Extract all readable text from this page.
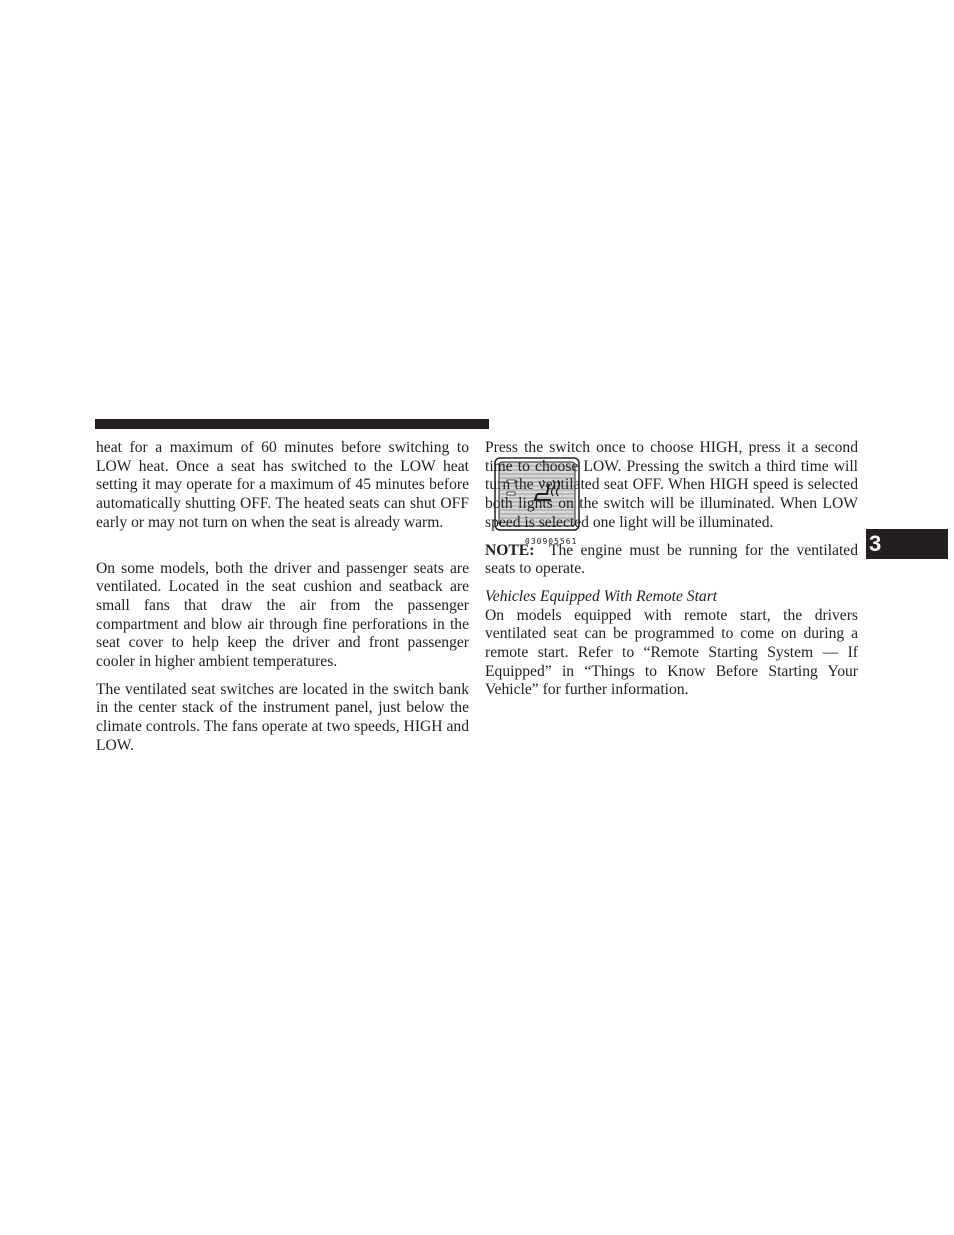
heat for a maximum of 60 minutes before switching to LOW heat. Once a seat has switched to the LOW heat setting it may operate for a maximum of 45 minutes before automatically shutting OFF. The heated seats can shut OFF early or may not turn on when the seat is already warm.

On some models, both the driver and passenger seats are ventilated. Located in the seat cushion and seatback are small fans that draw the air from the passenger compartment and blow air through fine perforations in the seat cover to help keep the driver and front passenger cooler in higher ambient temperatures.

The ventilated seat switches are located in the switch bank in the center stack of the instrument panel, just below the climate controls. The fans operate at two speeds, HIGH and LOW.

030905561

Press the switch once to choose HIGH, press it a second time to choose LOW. Pressing the switch a third time will turn the ventilated seat OFF. When HIGH speed is selected both lights on the switch will be illuminated. When LOW speed is selected one light will be illuminated.

NOTE: The engine must be running for the ventilated seats to operate.

Vehicles Equipped With Remote Start

On models equipped with remote start, the drivers ventilated seat can be programmed to come on during a remote start. Refer to “Remote Starting System — If Equipped” in “Things to Know Before Starting Your Vehicle” for further information.

3
